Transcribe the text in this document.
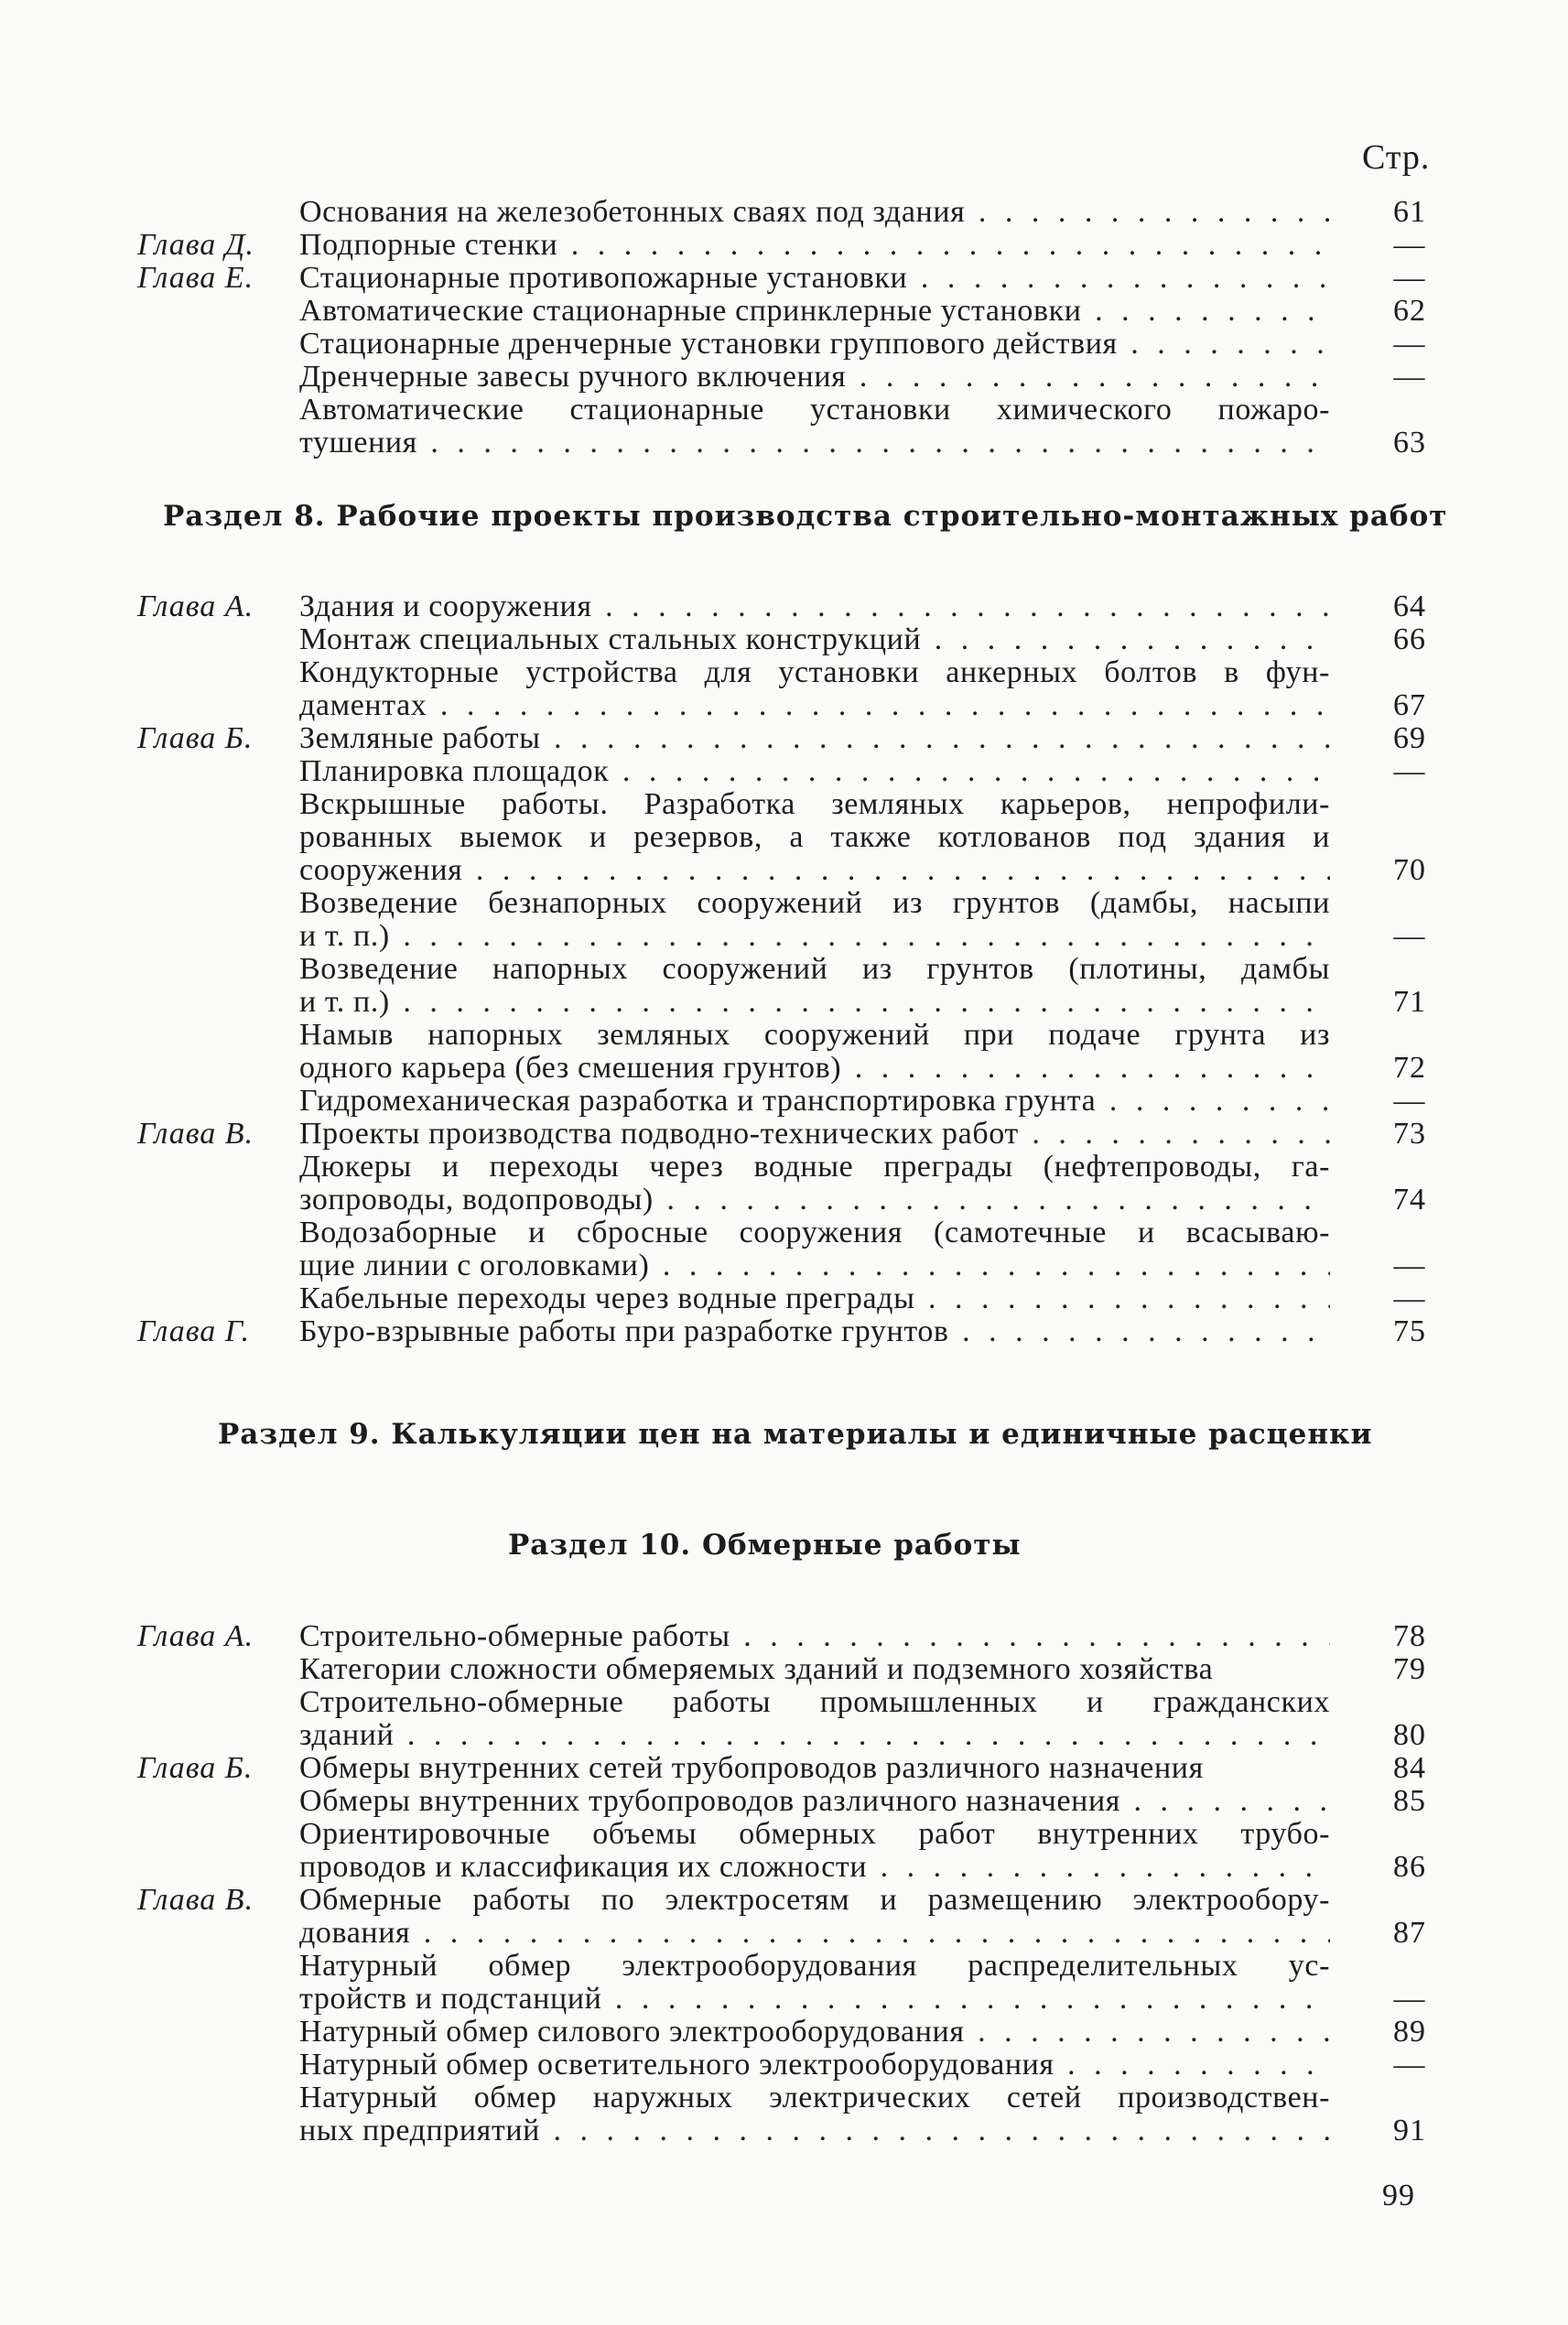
Стр.
Основания на железобетонных сваях под здания . . .	61
Глава Д.	Подпорные стенки . . .	—
Глава Е.	Стационарные противопожарные установки . . .	—
Автоматические стационарные спринклерные установки . . .	62
Стационарные дренчерные установки группового действия . . .	—
Дренчерные завесы ручного включения . . .	—
Автоматические стационарные установки химического пожаро-
тушения . . .	63
Раздел 8. Рабочие проекты производства строительно-монтажных работ
Глава А.	Здания и сооружения . . .	64
Монтаж специальных стальных конструкций . . .	66
Кондукторные устройства для установки анкерных болтов в фун-
даментах . . .	67
Глава Б.	Земляные работы . . .	69
Планировка площадок . . .	—
Вскрышные работы. Разработка земляных карьеров, непрофили-
рованных выемок и резервов, а также котлованов под здания и
сооружения . . .	70
Возведение безнапорных сооружений из грунтов (дамбы, насыпи
и т. п.) . . .	—
Возведение напорных сооружений из грунтов (плотины, дамбы
и т. п.) . . .	71
Намыв напорных земляных сооружений при подаче грунта из
одного карьера (без смешения грунтов) . . .	72
Гидромеханическая разработка и транспортировка грунта . . .	—
Глава В.	Проекты производства подводно-технических работ . . .	73
Дюкеры и переходы через водные преграды (нефтепроводы, га-
зопроводы, водопроводы) . . .	74
Водозаборные и сбросные сооружения (самотечные и всасываю-
щие линии с оголовками) . . .	—
Кабельные переходы через водные преграды . . .	—
Глава Г.	Буро-взрывные работы при разработке грунтов . . .	75
Раздел 9. Калькуляции цен на материалы и единичные расценки
Раздел 10. Обмерные работы
Глава А.	Строительно-обмерные работы . . .	78
Категории сложности обмеряемых зданий и подземного хозяйства	79
Строительно-обмерные работы промышленных и гражданских
зданий . . .	80
Глава Б.	Обмеры внутренних сетей трубопроводов различного назначения	84
Обмеры внутренних трубопроводов различного назначения . . .	85
Ориентировочные объемы обмерных работ внутренних трубо-
проводов и классификация их сложности . . .	86
Глава В.	Обмерные работы по электросетям и размещению электрообору-
дования . . .	87
Натурный обмер электрооборудования распределительных ус-
тройств и подстанций . . .	—
Натурный обмер силового электрооборудования . . .	89
Натурный обмер осветительного электрооборудования . . .	—
Натурный обмер наружных электрических сетей производствен-
ных предприятий . . .	91
99
